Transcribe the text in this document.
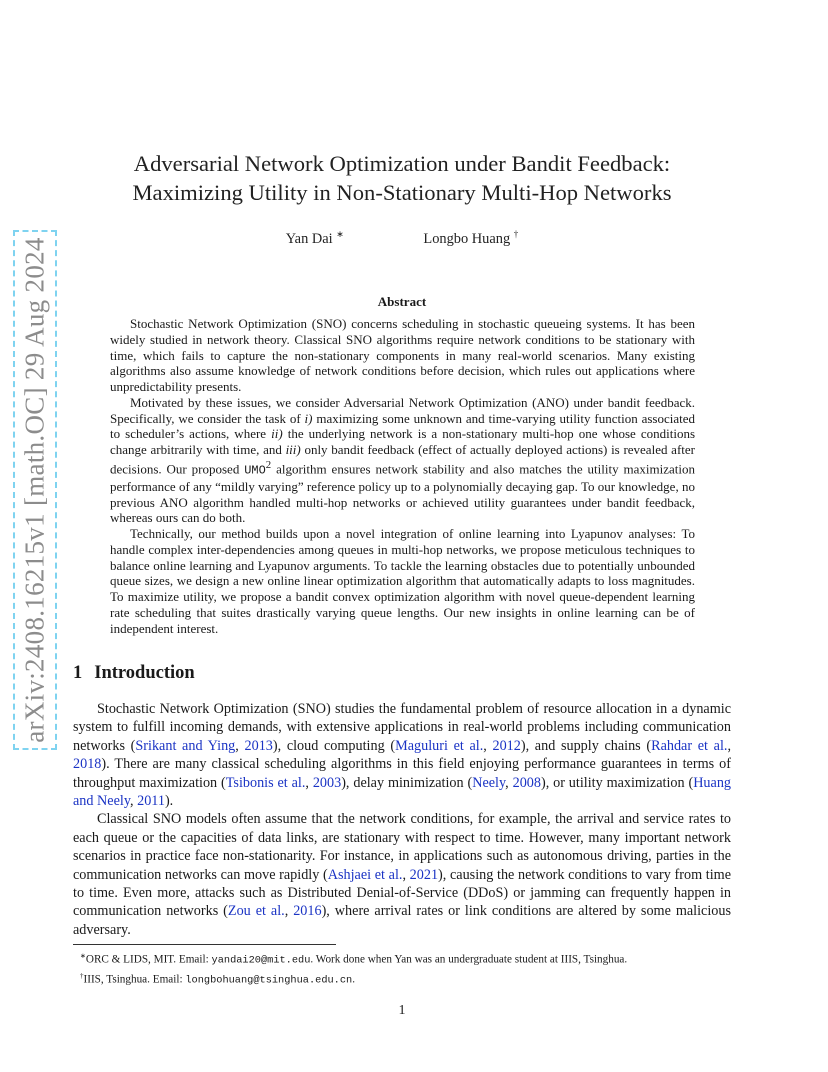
arXiv:2408.16215v1 [math.OC] 29 Aug 2024
Adversarial Network Optimization under Bandit Feedback:
Maximizing Utility in Non-Stationary Multi-Hop Networks
Yan Dai ∗	Longbo Huang †
Abstract

Stochastic Network Optimization (SNO) concerns scheduling in stochastic queueing systems. It has been widely studied in network theory. Classical SNO algorithms require network conditions to be stationary with time, which fails to capture the non-stationary components in many real-world scenarios. Many existing algorithms also assume knowledge of network conditions before decision, which rules out applications where unpredictability presents.

Motivated by these issues, we consider Adversarial Network Optimization (ANO) under bandit feedback. Specifically, we consider the task of i) maximizing some unknown and time-varying utility function associated to scheduler’s actions, where ii) the underlying network is a non-stationary multi-hop one whose conditions change arbitrarily with time, and iii) only bandit feedback (effect of actually deployed actions) is revealed after decisions. Our proposed UMO$^2$ algorithm ensures network stability and also matches the utility maximization performance of any “mildly varying” reference policy up to a polynomially decaying gap. To our knowledge, no previous ANO algorithm handled multi-hop networks or achieved utility guarantees under bandit feedback, whereas ours can do both.

Technically, our method builds upon a novel integration of online learning into Lyapunov analyses: To handle complex inter-dependencies among queues in multi-hop networks, we propose meticulous techniques to balance online learning and Lyapunov arguments. To tackle the learning obstacles due to potentially unbounded queue sizes, we design a new online linear optimization algorithm that automatically adapts to loss magnitudes. To maximize utility, we propose a bandit convex optimization algorithm with novel queue-dependent learning rate scheduling that suites drastically varying queue lengths. Our new insights in online learning can be of independent interest.

1 Introduction

Stochastic Network Optimization (SNO) studies the fundamental problem of resource allocation in a dynamic system to fulfill incoming demands, with extensive applications in real-world problems including communication networks (Srikant and Ying, 2013), cloud computing (Maguluri et al., 2012), and supply chains (Rahdar et al., 2018). There are many classical scheduling algorithms in this field enjoying performance guarantees in terms of throughput maximization (Tsibonis et al., 2003), delay minimization (Neely, 2008), or utility maximization (Huang and Neely, 2011).

Classical SNO models often assume that the network conditions, for example, the arrival and service rates to each queue or the capacities of data links, are stationary with respect to time. However, many important network scenarios in practice face non-stationarity. For instance, in applications such as autonomous driving, parties in the communication networks can move rapidly (Ashjaei et al., 2021), causing the network conditions to vary from time to time. Even more, attacks such as Distributed Denial-of-Service (DDoS) or jamming can frequently happen in communication networks (Zou et al., 2016), where arrival rates or link conditions are altered by some malicious adversary.

∗ORC & LIDS, MIT. Email: yandai20@mit.edu. Work done when Yan was an undergraduate student at IIIS, Tsinghua.
†IIIS, Tsinghua. Email: longbohuang@tsinghua.edu.cn.
1
